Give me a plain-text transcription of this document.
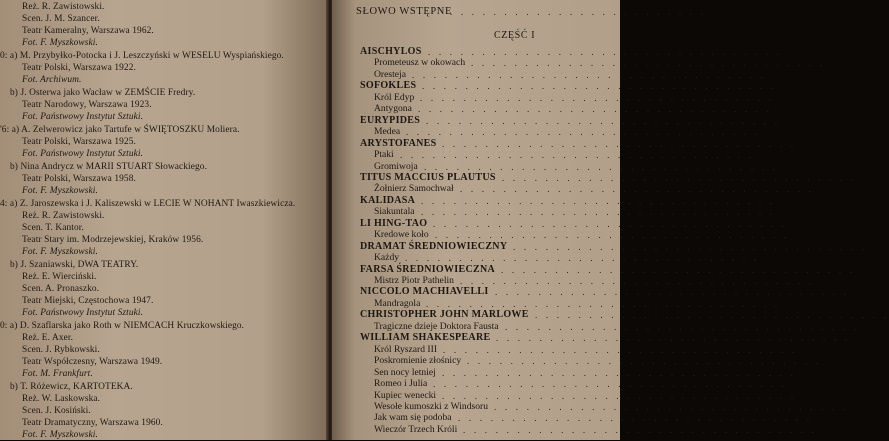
Reż. R. Zawistowski.
Scen. J. M. Szancer.
Teatr Kameralny, Warszawa 1962.
Fot. F. Myszkowski.
0: a) M. Przybyłko-Potocka i J. Leszczyński w WESELU Wyspiańskiego.
Teatr Polski, Warszawa 1922.
Fot. Archiwum.
b) J. Osterwa jako Wacław w ZEMŚCIE Fredry.
Teatr Narodowy, Warszawa 1923.
Fot. Państwowy Instytut Sztuki.
'6: a) A. Zelwerowicz jako Tartufe w ŚWIĘTOSZKU Moliera.
Teatr Polski, Warszawa 1925.
Fot. Państwowy Instytut Sztuki.
b) Nina Andrycz w MARII STUART Słowackiego.
Teatr Polski, Warszawa 1958.
Fot. F. Myszkowski.
4: a) Z. Jaroszewska i J. Kaliszewski w LECIE W NOHANT Iwaszkiewicza.
Reż. R. Zawistowski.
Scen. T. Kantor.
Teatr Stary im. Modrzejewskiej, Kraków 1956.
Fot. F. Myszkowski.
b) J. Szaniawski, DWA TEATRY.
Reż. E. Wierciński.
Scen. A. Pronaszko.
Teatr Miejski, Częstochowa 1947.
Fot. Państwowy Instytut Sztuki.
0: a) D. Szaflarska jako Roth w NIEMCACH Kruczkowskiego.
Reż. E. Axer.
Scen. J. Rybkowski.
Teatr Współczesny, Warszawa 1949.
Fot. M. Frankfurt.
b) T. Różewicz, KARTOTEKA.
Reż. W. Laskowska.
Scen. J. Kosiński.
Teatr Dramatyczny, Warszawa 1960.
Fot. F. Myszkowski.
SŁOWO WSTĘPNE
. . . . . . . . . . . . . . . . . . . . . . . .
CZĘŚĆ I
AISCHYLOS . . . . . . . . . . . . . . . . . . . . . . . . . . . . . . . . .
Prometeusz w okowach . . . . . . . . . . . . . . . . . . . . . . . . . . . . . . . . .
Oresteja . . . . . . . . . . . . . . . . . . . . . . . . . . . . . . . . .
SOFOKLES . . . . . . . . . . . . . . . . . . . . . . . . . . . . . . . . .
Król Edyp . . . . . . . . . . . . . . . . . . . . . . . . . . . . . . . . .
Antygona . . . . . . . . . . . . . . . . . . . . . . . . . . . . . . . . .
EURYPIDES . . . . . . . . . . . . . . . . . . . . . . . . . . . . . . . . .
Medea . . . . . . . . . . . . . . . . . . . . . . . . . . . . . . . . .
ARYSTOFANES . . . . . . . . . . . . . . . . . . . . . . . . . . . . . . . . .
Ptaki . . . . . . . . . . . . . . . . . . . . . . . . . . . . . . . . .
Gromiwoja . . . . . . . . . . . . . . . . . . . . . . . . . . . . . . . . .
TITUS MACCIUS PLAUTUS . . . . . . . . . . . . . . . . . . . . . . . . . . . . . . . . .
Żołnierz Samochwał . . . . . . . . . . . . . . . . . . . . . . . . . . . . . . . . .
KALIDASA . . . . . . . . . . . . . . . . . . . . . . . . . . . . . . . . .
Siakuntala . . . . . . . . . . . . . . . . . . . . . . . . . . . . . . . . .
LI HING-TAO . . . . . . . . . . . . . . . . . . . . . . . . . . . . . . . . .
Kredowe koło . . . . . . . . . . . . . . . . . . . . . . . . . . . . . . . . .
DRAMAT ŚREDNIOWIECZNY . . . . . . . . . . . . . . . . . . . . . . . . . . . . . . . . .
Każdy . . . . . . . . . . . . . . . . . . . . . . . . . . . . . . . . .
FARSA ŚREDNIOWIECZNA . . . . . . . . . . . . . . . . . . . . . . . . . . . . . . . . .
Mistrz Piotr Pathelin . . . . . . . . . . . . . . . . . . . . . . . . . . . . . . . . .
NICCOLO MACHIAVELLI . . . . . . . . . . . . . . . . . . . . . . . . . . . . . . . . .
Mandragola . . . . . . . . . . . . . . . . . . . . . . . . . . . . . . . . .
CHRISTOPHER JOHN MARLOWE . . . . . . . . . . . . . . . . . . . . . . . . . . . . . . . . .
Tragiczne dzieje Doktora Fausta . . . . . . . . . . . . . . . . . . . . . . . . . . . . . . . . .
WILLIAM SHAKESPEARE . . . . . . . . . . . . . . . . . . . . . . . . . . . . . . . . .
Król Ryszard III . . . . . . . . . . . . . . . . . . . . . . . . . . . . . . . . .
Poskromienie złośnicy . . . . . . . . . . . . . . . . . . . . . . . . . . . . . . . . .
Sen nocy letniej . . . . . . . . . . . . . . . . . . . . . . . . . . . . . . . . .
Romeo i Julia . . . . . . . . . . . . . . . . . . . . . . . . . . . . . . . . .
Kupiec wenecki . . . . . . . . . . . . . . . . . . . . . . . . . . . . . . . . .
Wesołe kumoszki z Windsoru . . . . . . . . . . . . . . . . . . . . . . . . . . . . . . . . .
Jak wam się podoba . . . . . . . . . . . . . . . . . . . . . . . . . . . . . . . . .
Wieczór Trzech Króli . . . . . . . . . . . . . . . . . . . . . . . . . . . . . . . . .
